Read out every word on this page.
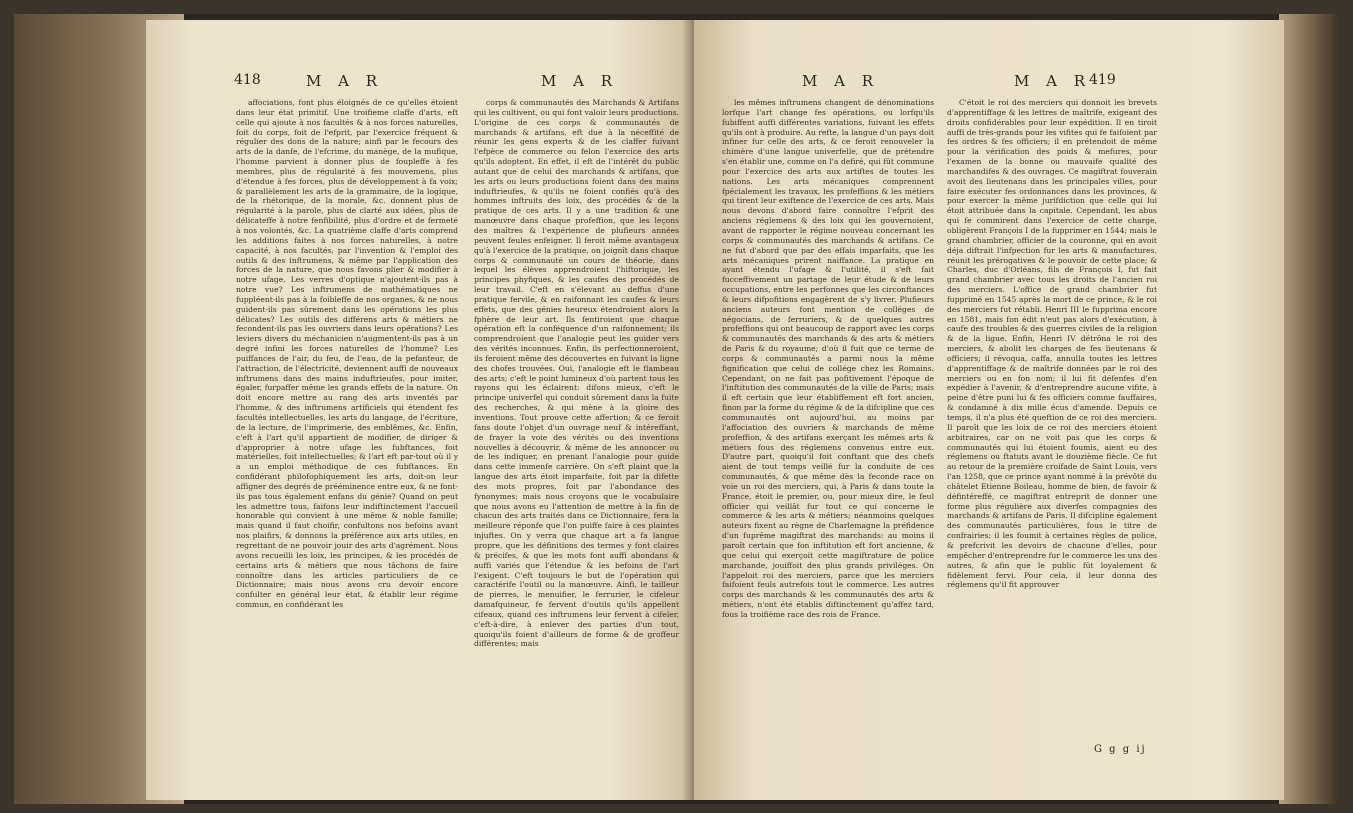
418	M A R	M A R

affociations, font plus éloignés de ce qu'elles étoient dans leur état primitif. Une troifieme claffe d'arts, eft celle qui ajoute à nos facultés & à nos forces naturelles, foit du corps, foit de l'efprit, par l'exercice fréquent & régulier des dons de la nature; ainfi par le fecours des arts de la danfe, de l'efcrime, du manège, de la mufique, l'homme parvient à donner plus de foupleffe à fes membres, plus de régularité à fes mouvemens, plus d'étendue à fes forces, plus de développement à fa voix; & parallèlement les arts de la grammaire, de la logique, de la rhétorique, de la morale, &c. donnent plus de régularité à la parole, plus de clarté aux idées, plus de délicateffe à notre fenfibilité, plus d'ordre et de fermeté à nos volontés, &c. La quatrième claffe d'arts comprend les additions faites à nos forces naturelles, à notre capacité, à nos facultés, par l'invention & l'emploi des outils & des inftrumens, & même par l'application des forces de la nature, que nous favons plier & modifier à notre ufage. Les verres d'optique n'ajoutent-ils pas à notre vue? Les inftrumens de mathématiques ne fuppléent-ils pas à la foibleffe de nos organes, & ne nous guident-ils pas sûrement dans les opérations les plus délicates? Les outils des différens arts & métiers ne fecondent-ils pas les ouvriers dans leurs opérations? Les leviers divers du méchanicien n'augmentent-ils pas à un degré infini les forces naturelles de l'homme? Les puiffances de l'air, du feu, de l'eau, de la pefanteur, de l'attraction, de l'électricité, deviennent auffi de nouveaux inftrumens dans des mains induftrieufes, pour imiter, égaler, furpaffer même les grands effets de la nature. On doit encore mettre au rang des arts inventés par l'homme, & des inftrumens artificiels qui étendent fes facultés intellectuelles, les arts du langage, de l'écriture, de la lecture, de l'imprimerie, des emblêmes, &c. Enfin, c'eft à l'art qu'il appartient de modifier, de diriger & d'approprier à notre ufage les fubftances, foit matérielles, foit intellectuelles; & l'art eft par-tout où il y a un emploi méthodique de ces fubftances. En confidérant philofophiquement les arts, doit-on leur affigner des degrés de prééminence entre eux, & ne font-ils pas tous également enfans du génie? Quand on peut les admettre tous, faifons leur indiftinctement l'accueil honorable qui convient à une même & noble famille; mais quand il faut choifir, confultons nos befoins avant nos plaifirs, & donnons la préférence aux arts utiles, en regrettant de ne pouvoir jouir des arts d'agrément. Nous avons recueilli les loix, les principes, & les procédés de certains arts & métiers que nous tâchons de faire connoître dans les articles particuliers de ce Dictionnaire; mais nous avons cru devoir encore confulter en général leur état, & établir leur régime commun, en confidérant les

corps & communautés des Marchands & Artifans qui les cultivent, ou qui font valoir leurs productions. L'origine de ces corps & communautés de marchands & artifans, eft due à la néceffité de réunir les gens experts & de les claffer fuivant l'efpèce de commerce ou felon l'exercice des arts qu'ils adoptent. En effet, il eft de l'intérêt du public autant que de celui des marchands & artifans, que les arts ou leurs productions foient dans des mains induftrieufes, & qu'ils ne foient confiés qu'à des hommes inftruits des loix, des procédés & de la pratique de ces arts. Il y a une tradition & une manœuvre dans chaque profeffion, que les leçons des maîtres & l'expérience de plufieurs années peuvent feules enfeigner. Il feroit même avantageux qu'à l'exercice de la pratique, on joignît dans chaque corps & communauté un cours de théorie, dans lequel les élèves apprendroient l'hiftorique, les principes phyfiques, & les caufes des procédés de leur travail. C'eft en s'élevant au deffus d'une pratique fervile, & en raifonnant les caufes & leurs effets, que des génies heureux étendroient alors la fphère de leur art. Ils fentiroient que chaque opération eft la conféquence d'un raifonnement; ils comprendroient que l'analogie peut les guider vers des vérités inconnues. Enfin, ils perfectionneroient, ils feroient même des découvertes en fuivant la ligne des chofes trouvées. Oui, l'analogie eft le flambeau des arts; c'eft le point lumineux d'où partent tous les rayons qui les éclairent: difons mieux, c'eft le principe univerfel qui conduit sûrement dans la fuite des recherches, & qui mène à la gloire des inventions. Tout prouve cette affertion; & ce feroit fans doute l'objet d'un ouvrage neuf & intéreffant, de frayer la voie des vérités ou des inventions nouvelles à découvrir, & même de les annoncer ou de les indiquer, en prenant l'analogie pour guide dans cette immenfe carrière. On s'eft plaint que la langue des arts étoit imparfaite, foit par la difette des mots propres, foit par l'abondance des fynonymes; mais nous croyons que le vocabulaire que nous avons eu l'attention de mettre à la fin de chacun des arts traités dans ce Dictionnaire, fera la meilleure réponfe que l'on puiffe faire à ces plaintes injuftes. On y verra que chaque art a fa langue propre, que les définitions des termes y font claires & précifes, & que les mots font auffi abondans & auffi variés que l'étendue & les befoins de l'art l'exigent. C'eft toujours le but de l'opération qui caractérife l'outil ou la manœuvre. Ainfi, le tailleur de pierres, le menuifier, le ferrurier, le cifeleur damafquineur, fe fervent d'outils qu'ils appellent cifeaux, quand ces inftrumens leur fervent à cifeler, c'eft-à-dire, à enlever des parties d'un tout, quoiqu'ils foient d'ailleurs de forme & de groffeur différentes; mais

M A R	M A R
419

les mêmes inftrumens changent de dénominations lorfque l'art change fes opérations, ou lorfqu'ils fubiffent auffi différentes variations, fuivant les effets qu'ils ont à produire. Au refte, la langue d'un pays doit infiner fur celle des arts, & ce feroit renouveler la chimère d'une langue univerfelle, que de prétendre s'en établir une, comme on l'a defiré, qui fût commune pour l'exercice des arts aux artiftes de toutes les nations. Les arts mécaniques comprennent fpécialement les travaux, les profeffions & les métiers qui tirent leur exiftence de l'exercice de ces arts. Mais nous devons d'abord faire connoître l'efprit des anciens réglemens & des loix qui les gouvernoient, avant de rapporter le régime nouveau concernant les corps & communautés des marchands & artifans. Ce ne fut d'abord que par des effais imparfaits, que les arts mécaniques prirent naiffance. La pratique en ayant étendu l'ufage & l'utilité, il s'eft fait fucceffivement un partage de leur étude & de leurs occupations, entre les perfonnes que les circonftances & leurs difpofitions engagèrent de s'y livrer. Plufieurs anciens auteurs font mention de colléges de négocians, de ferruriers, & de quelques autres profeffions qui ont beaucoup de rapport avec les corps & communautés des marchands & des arts & métiers de Paris & du royaume; d'où il fuit que ce terme de corps & communautés a parmi nous la même fignification que celui de collége chez les Romains. Cependant, on ne fait pas pofitivement l'époque de l'inftitution des communautés de la ville de Paris; mais il eft certain que leur établiffement eft fort ancien, finon par la forme du régime & de la difcipline que ces communautés ont aujourd'hui, au moins par l'affociation des ouvriers & marchands de même profeffion, & des artifans exerçant les mêmes arts & métiers fous des réglemens convenus entre eux. D'autre part, quoiqu'il foit conftant que des chefs aient de tout temps veillé fur la conduite de ces communautés, & que même dès la feconde race on voie un roi des merciers, qui, à Paris & dans toute la France, étoit le premier, ou, pour mieux dire, le feul officier qui veillât fur tout ce qui concerne le commerce & les arts & métiers; néanmoins quelques auteurs fixent au règne de Charlemagne la préfidence d'un fuprême magiftrat des marchands: au moins il paroît certain que fon inftitution eft fort ancienne, & que celui qui exerçoit cette magiftrature de police marchande, jouiffoit des plus grands priviléges. On l'appeloit roi des merciers, parce que les merciers faifoient feuls autrefois tout le commerce. Les autres corps des marchands & les communautés des arts & métiers, n'ont été établis diftinctement qu'affez tard, fous la troifième race des rois de France.

C'étoit le roi des merciers qui donnoit les brevets d'apprentiffage & les lettres de maîtrife, exigeant des droits confidérables pour leur expédition. Il en tiroit auffi de très-grands pour les vifites qui fe faifoient par fes ordres & fes officiers; il en prétendoit de même pour la vérification des poids & mefures, pour l'examen de la bonne ou mauvaife qualité des marchandifes & des ouvrages. Ce magiftrat fouverain avoit des lieutenans dans les principales villes, pour faire exécuter fes ordonnances dans les provinces, & pour exercer la même jurifdiction que celle qui lui étoit attribuée dans la capitale. Cependant, les abus qui fe commirent dans l'exercice de cette charge, obligèrent François I de la fupprimer en 1544; mais le grand chambrier, officier de la couronne, qui en avoit déja diftrait l'infpection fur les arts & manufactures, réunit les prérogatives & le pouvoir de cette place; & Charles, duc d'Orléans, fils de François I, fut fait grand chambrier avec tous les droits de l'ancien roi des merciers. L'office de grand chambrier fut fupprimé en 1545 après la mort de ce prince, & le roi des merciers fut rétabli. Henri III le fupprima encore en 1581, mais fon édit n'eut pas alors d'exécution, à caufe des troubles & des guerres civiles de la religion & de la ligue. Enfin, Henri IV détrôna le roi des merciers, & abolit les charges de fes lieutenans & officiers; il révoqua, caffa, annulla toutes les lettres d'apprentiffage & de maîtrife données par le roi des merciers ou en fon nom; il lui fit défenfes d'en expédier à l'avenir, & d'entreprendre aucune vifite, à peine d'être puni lui & fes officiers comme fauffaires, & condamné à dix mille écus d'amende. Depuis ce temps, il n'a plus été queftion de ce roi des merciers. Il paroît que les loix de ce roi des merciers étoient arbitraires, car on ne voit pas que les corps & communautés qui lui étoient foumis, aient eu des réglemens ou ftatuts avant le douzième fiècle. Ce fut au retour de la première croifade de Saint Louis, vers l'an 1258, que ce prince ayant nommé à la prévôté du châtelet Etienne Boileau, homme de bien, de favoir & défintéreffé, ce magiftrat entreprit de donner une forme plus régulière aux diverfes compagnies des marchands & artifans de Paris. Il difcipline également des communautés particulières, fous le titre de confrairies; il les foumit à certaines règles de police, & prefcrivit les devoirs de chacune d'elles, pour empêcher d'entreprendre fur le commerce les uns des autres, & afin que le public fût loyalement & fidèlement fervi. Pour cela, il leur donna des réglemens qu'il fit approuver

G g g ij
